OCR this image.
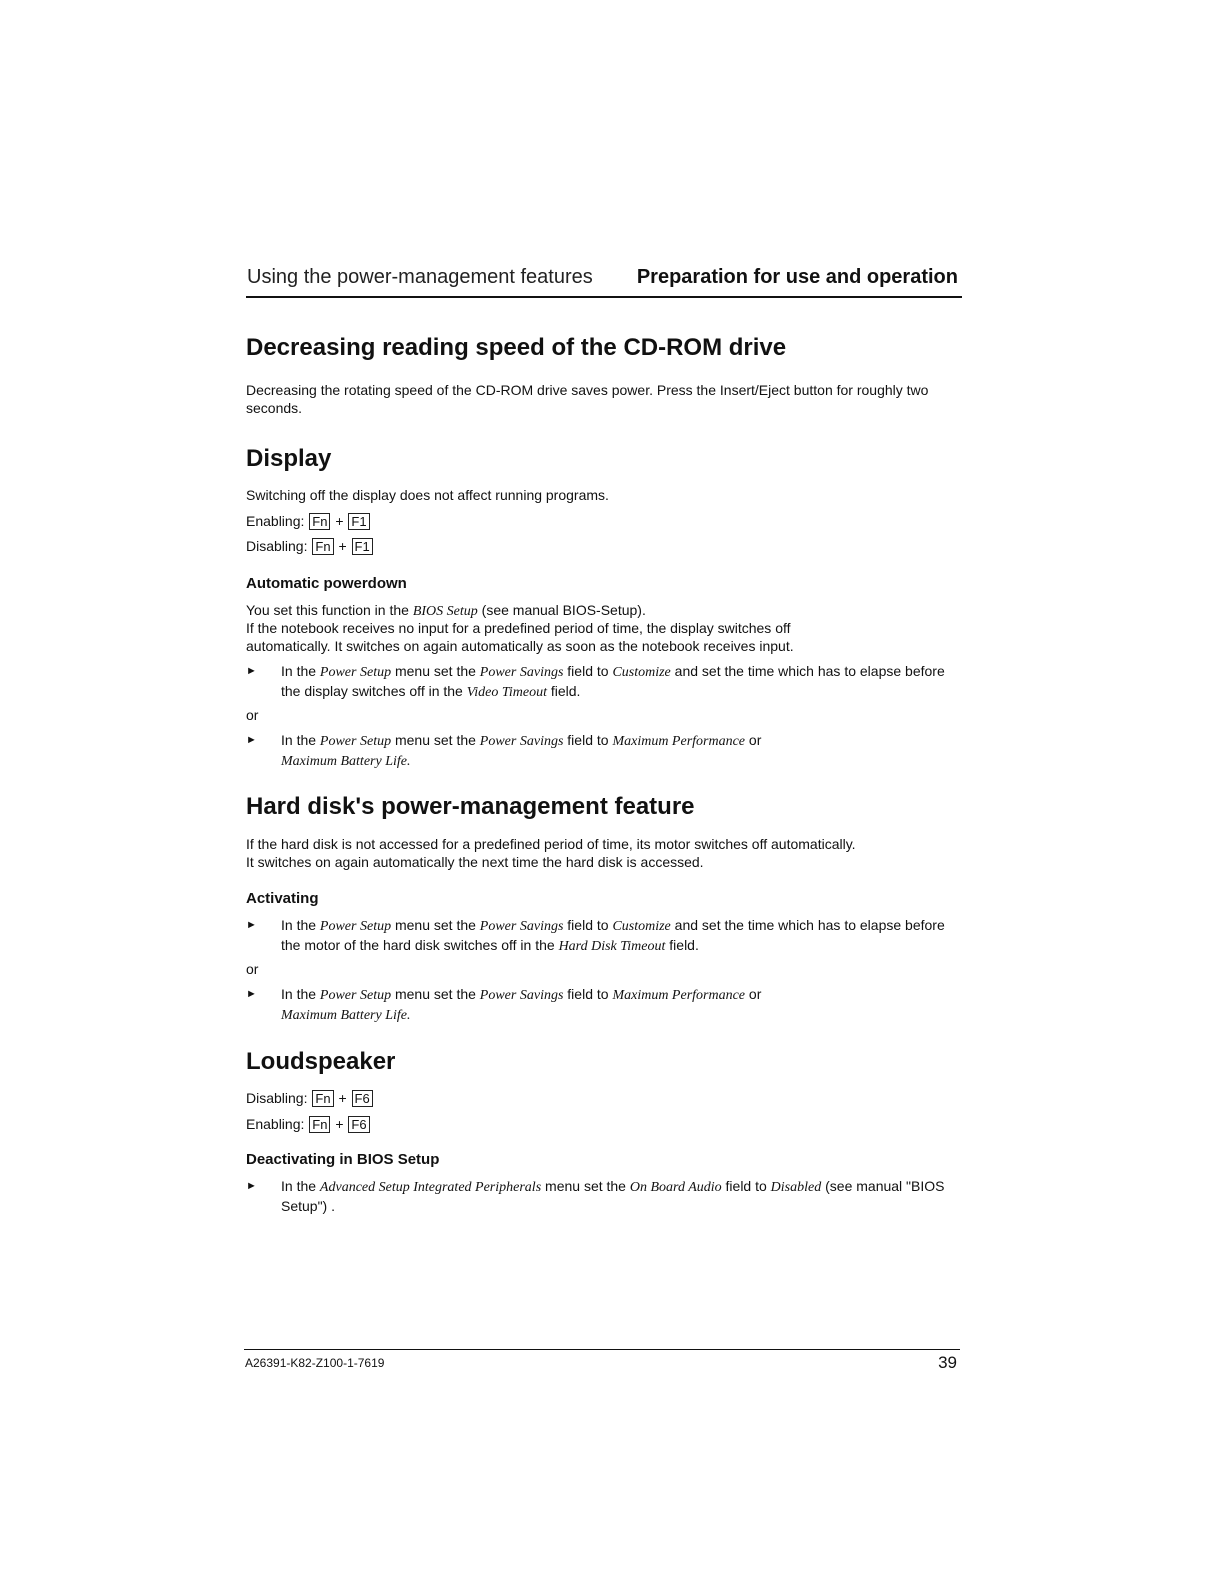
Using the power-management features Preparation for use and operation
Decreasing reading speed of the CD-ROM drive

Decreasing the rotating speed of the CD-ROM drive saves power. Press the Insert/Eject button for roughly two seconds.

Display
Switching off the display does not affect running programs.
Enabling: Fn + F1
Disabling: Fn + F1
Automatic powerdown
You set this function in the BIOS Setup (see manual BIOS-Setup).
If the notebook receives no input for a predefined period of time, the display switches off
automatically. It switches on again automatically as soon as the notebook receives input.
► In the Power Setup menu set the Power Savings field to Customize and set the time which has to elapse before the display switches off in the Video Timeout field.
or
► In the Power Setup menu set the Power Savings field to Maximum Performance or
Maximum Battery Life.
Hard disk's power-management feature
If the hard disk is not accessed for a predefined period of time, its motor switches off automatically.
It switches on again automatically the next time the hard disk is accessed.
Activating
► In the Power Setup menu set the Power Savings field to Customize and set the time which has to elapse before the motor of the hard disk switches off in the Hard Disk Timeout field.
or
► In the Power Setup menu set the Power Savings field to Maximum Performance or
Maximum Battery Life.
Loudspeaker
Disabling: Fn + F6
Enabling: Fn + F6
Deactivating in BIOS Setup
► In the Advanced Setup Integrated Peripherals menu set the On Board Audio field to Disabled (see manual "BIOS Setup") .
A26391-K82-Z100-1-7619	39
